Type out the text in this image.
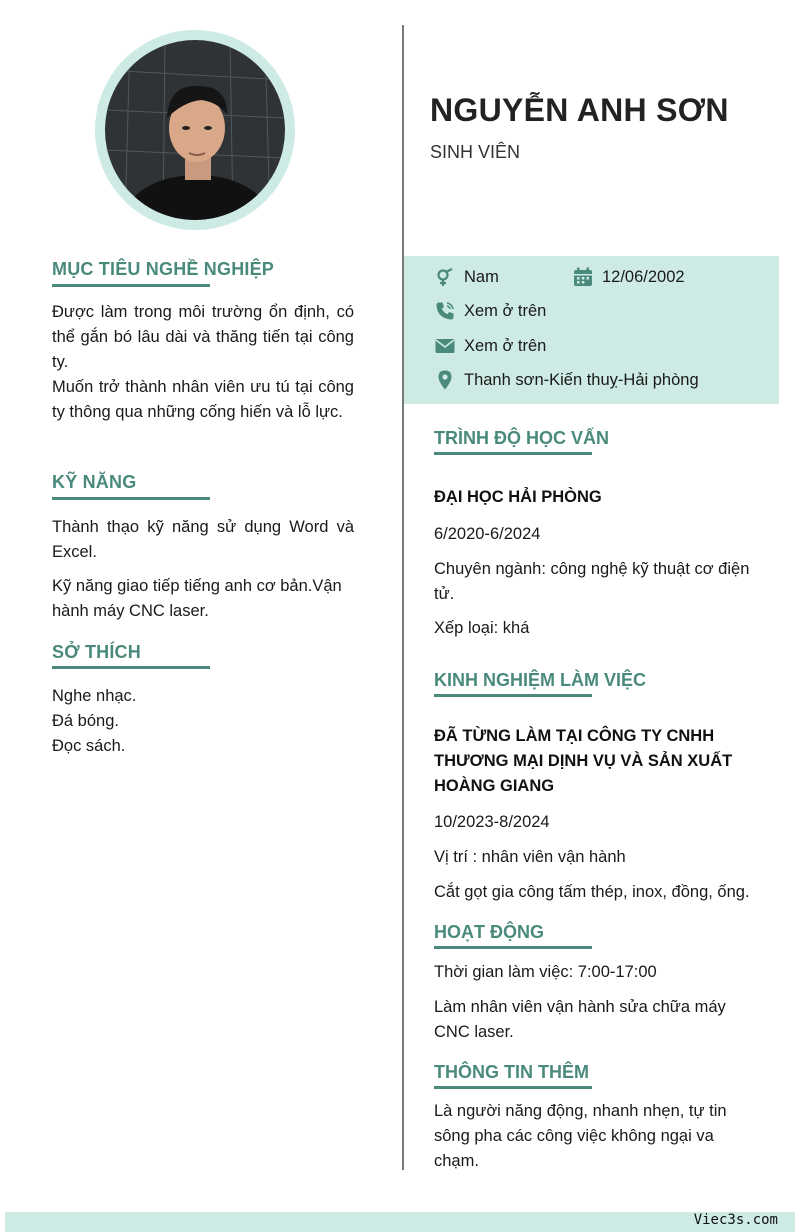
NGUYỄN ANH SƠN
SINH VIÊN
Nam	12/06/2002
Xem ở trên
Xem ở trên
Thanh sơn-Kiến thuỵ-Hải phòng
MỤC TIÊU NGHỀ NGHIỆP
Được làm trong môi trường ổn định, có thể gắn bó lâu dài và thăng tiến tại công ty.
Muốn trở thành nhân viên ưu tú tại công ty thông qua những cống hiến và lỗ lực.
KỸ NĂNG
Thành thạo kỹ năng sử dụng Word và Excel.
Kỹ năng giao tiếp tiếng anh cơ bản.Vận hành máy CNC laser.
SỞ THÍCH
Nghe nhạc.
Đá bóng.
Đọc sách.
TRÌNH ĐỘ HỌC VẤN
ĐẠI HỌC HẢI PHÒNG
6/2020-6/2024
Chuyên ngành: công nghệ kỹ thuật cơ điện tử.
Xếp loại: khá
KINH NGHIỆM LÀM VIỆC
ĐÃ TỪNG LÀM TẠI CÔNG TY CNHH THƯƠNG MẠI DỊNH VỤ VÀ SẢN XUẤT HOÀNG GIANG
10/2023-8/2024
Vị trí : nhân viên vận hành
Cắt gọt gia công tấm thép, inox, đồng, ống.
HOẠT ĐỘNG
Thời gian làm việc: 7:00-17:00
Làm nhân viên vận hành sửa chữa máy CNC laser.
THÔNG TIN THÊM
Là người năng động, nhanh nhẹn, tự tin sông pha các công việc không ngại va chạm.
Viec3s.com
